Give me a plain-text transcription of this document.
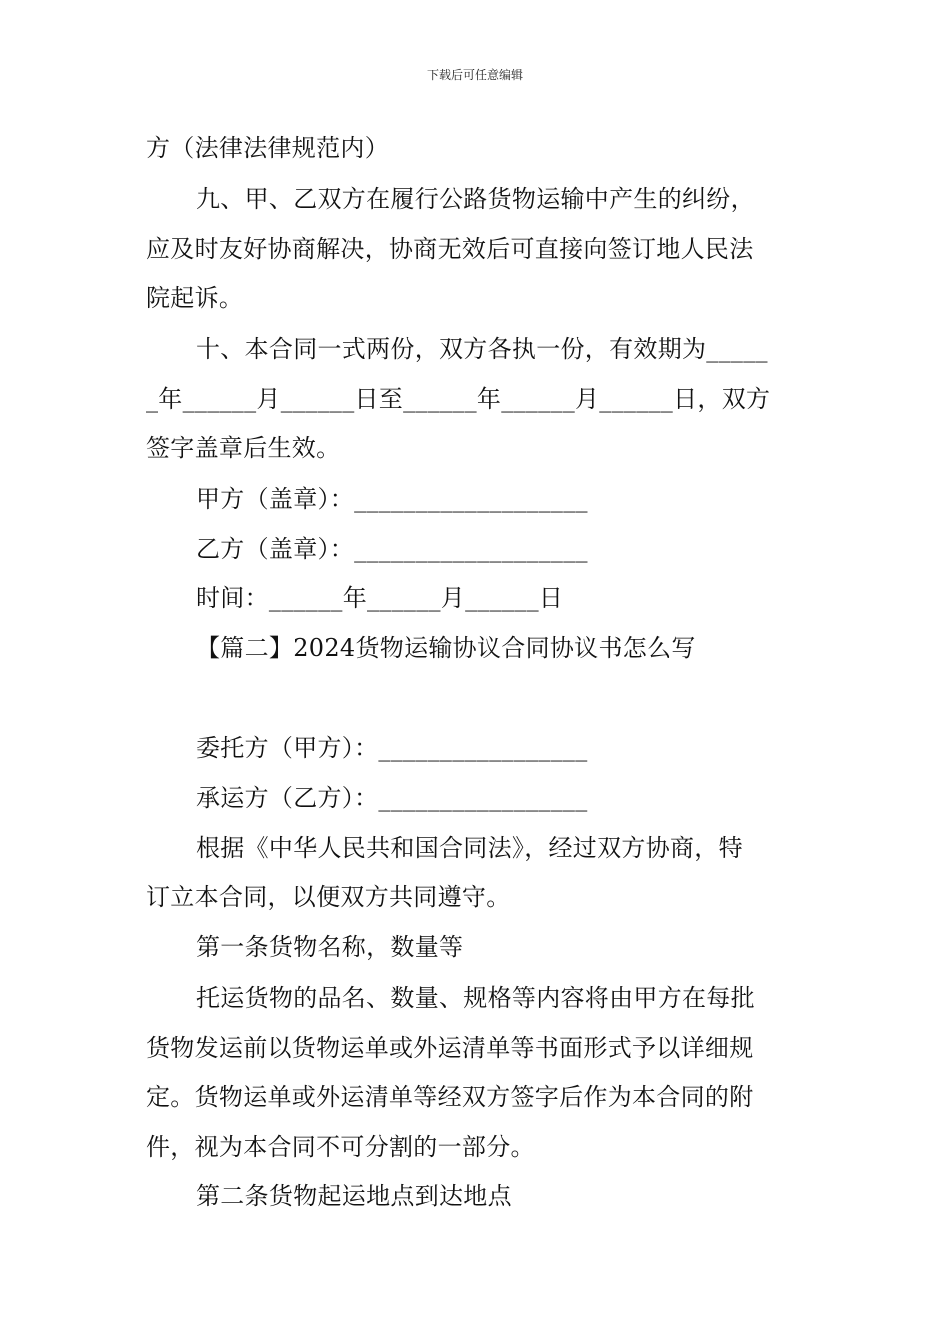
下载后可任意编辑
方（法律法律规范内）
九、甲、乙双方在履行公路货物运输中产生的纠纷，
应及时友好协商解决，协商无效后可直接向签订地人民法
院起诉。
十、本合同一式两份，双方各执一份，有效期为_____
_年______月______日至______年______月______日，双方
签字盖章后生效。
甲方（盖章）：___________________
乙方（盖章）：___________________
时间：______年______月______日
【篇二】2024货物运输协议合同协议书怎么写
委托方（甲方）：_________________
承运方（乙方）：_________________
根据《中华人民共和国合同法》，经过双方协商，特
订立本合同，以便双方共同遵守。
第一条货物名称，数量等
托运货物的品名、数量、规格等内容将由甲方在每批
货物发运前以货物运单或外运清单等书面形式予以详细规
定。货物运单或外运清单等经双方签字后作为本合同的附
件，视为本合同不可分割的一部分。
第二条货物起运地点到达地点
